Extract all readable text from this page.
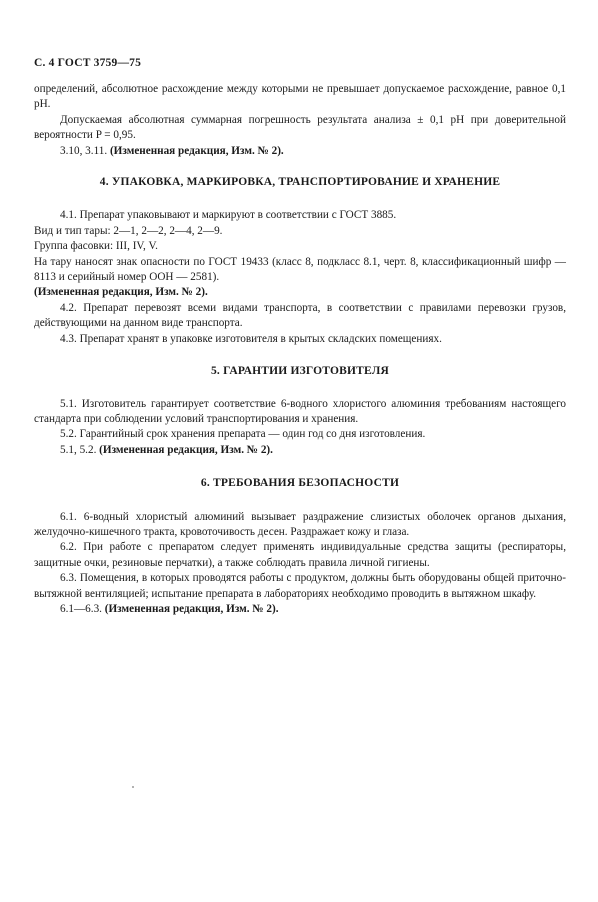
С. 4 ГОСТ 3759—75

определений, абсолютное расхождение между которыми не превышает допускаемое расхождение, равное 0,1 pH.

Допускаемая абсолютная суммарная погрешность результата анализа ± 0,1 pH при доверительной вероятности P = 0,95.

3.10, 3.11. (Измененная редакция, Изм. № 2).

4. УПАКОВКА, МАРКИРОВКА, ТРАНСПОРТИРОВАНИЕ И ХРАНЕНИЕ

4.1. Препарат упаковывают и маркируют в соответствии с ГОСТ 3885.

Вид и тип тары: 2—1, 2—2, 2—4, 2—9.

Группа фасовки: III, IV, V.

На тару наносят знак опасности по ГОСТ 19433 (класс 8, подкласс 8.1, черт. 8, классификационный шифр — 8113 и серийный номер ООН — 2581).

(Измененная редакция, Изм. № 2).

4.2. Препарат перевозят всеми видами транспорта, в соответствии с правилами перевозки грузов, действующими на данном виде транспорта.

4.3. Препарат хранят в упаковке изготовителя в крытых складских помещениях.

5. ГАРАНТИИ ИЗГОТОВИТЕЛЯ

5.1. Изготовитель гарантирует соответствие 6-водного хлористого алюминия требованиям настоящего стандарта при соблюдении условий транспортирования и хранения.

5.2. Гарантийный срок хранения препарата — один год со дня изготовления.

5.1, 5.2. (Измененная редакция, Изм. № 2).

6. ТРЕБОВАНИЯ БЕЗОПАСНОСТИ

6.1. 6-водный хлористый алюминий вызывает раздражение слизистых оболочек органов дыхания, желудочно-кишечного тракта, кровоточивость десен. Раздражает кожу и глаза.

6.2. При работе с препаратом следует применять индивидуальные средства защиты (респираторы, защитные очки, резиновые перчатки), а также соблюдать правила личной гигиены.

6.3. Помещения, в которых проводятся работы с продуктом, должны быть оборудованы общей приточно-вытяжной вентиляцией; испытание препарата в лабораториях необходимо проводить в вытяжном шкафу.

6.1—6.3. (Измененная редакция, Изм. № 2).
